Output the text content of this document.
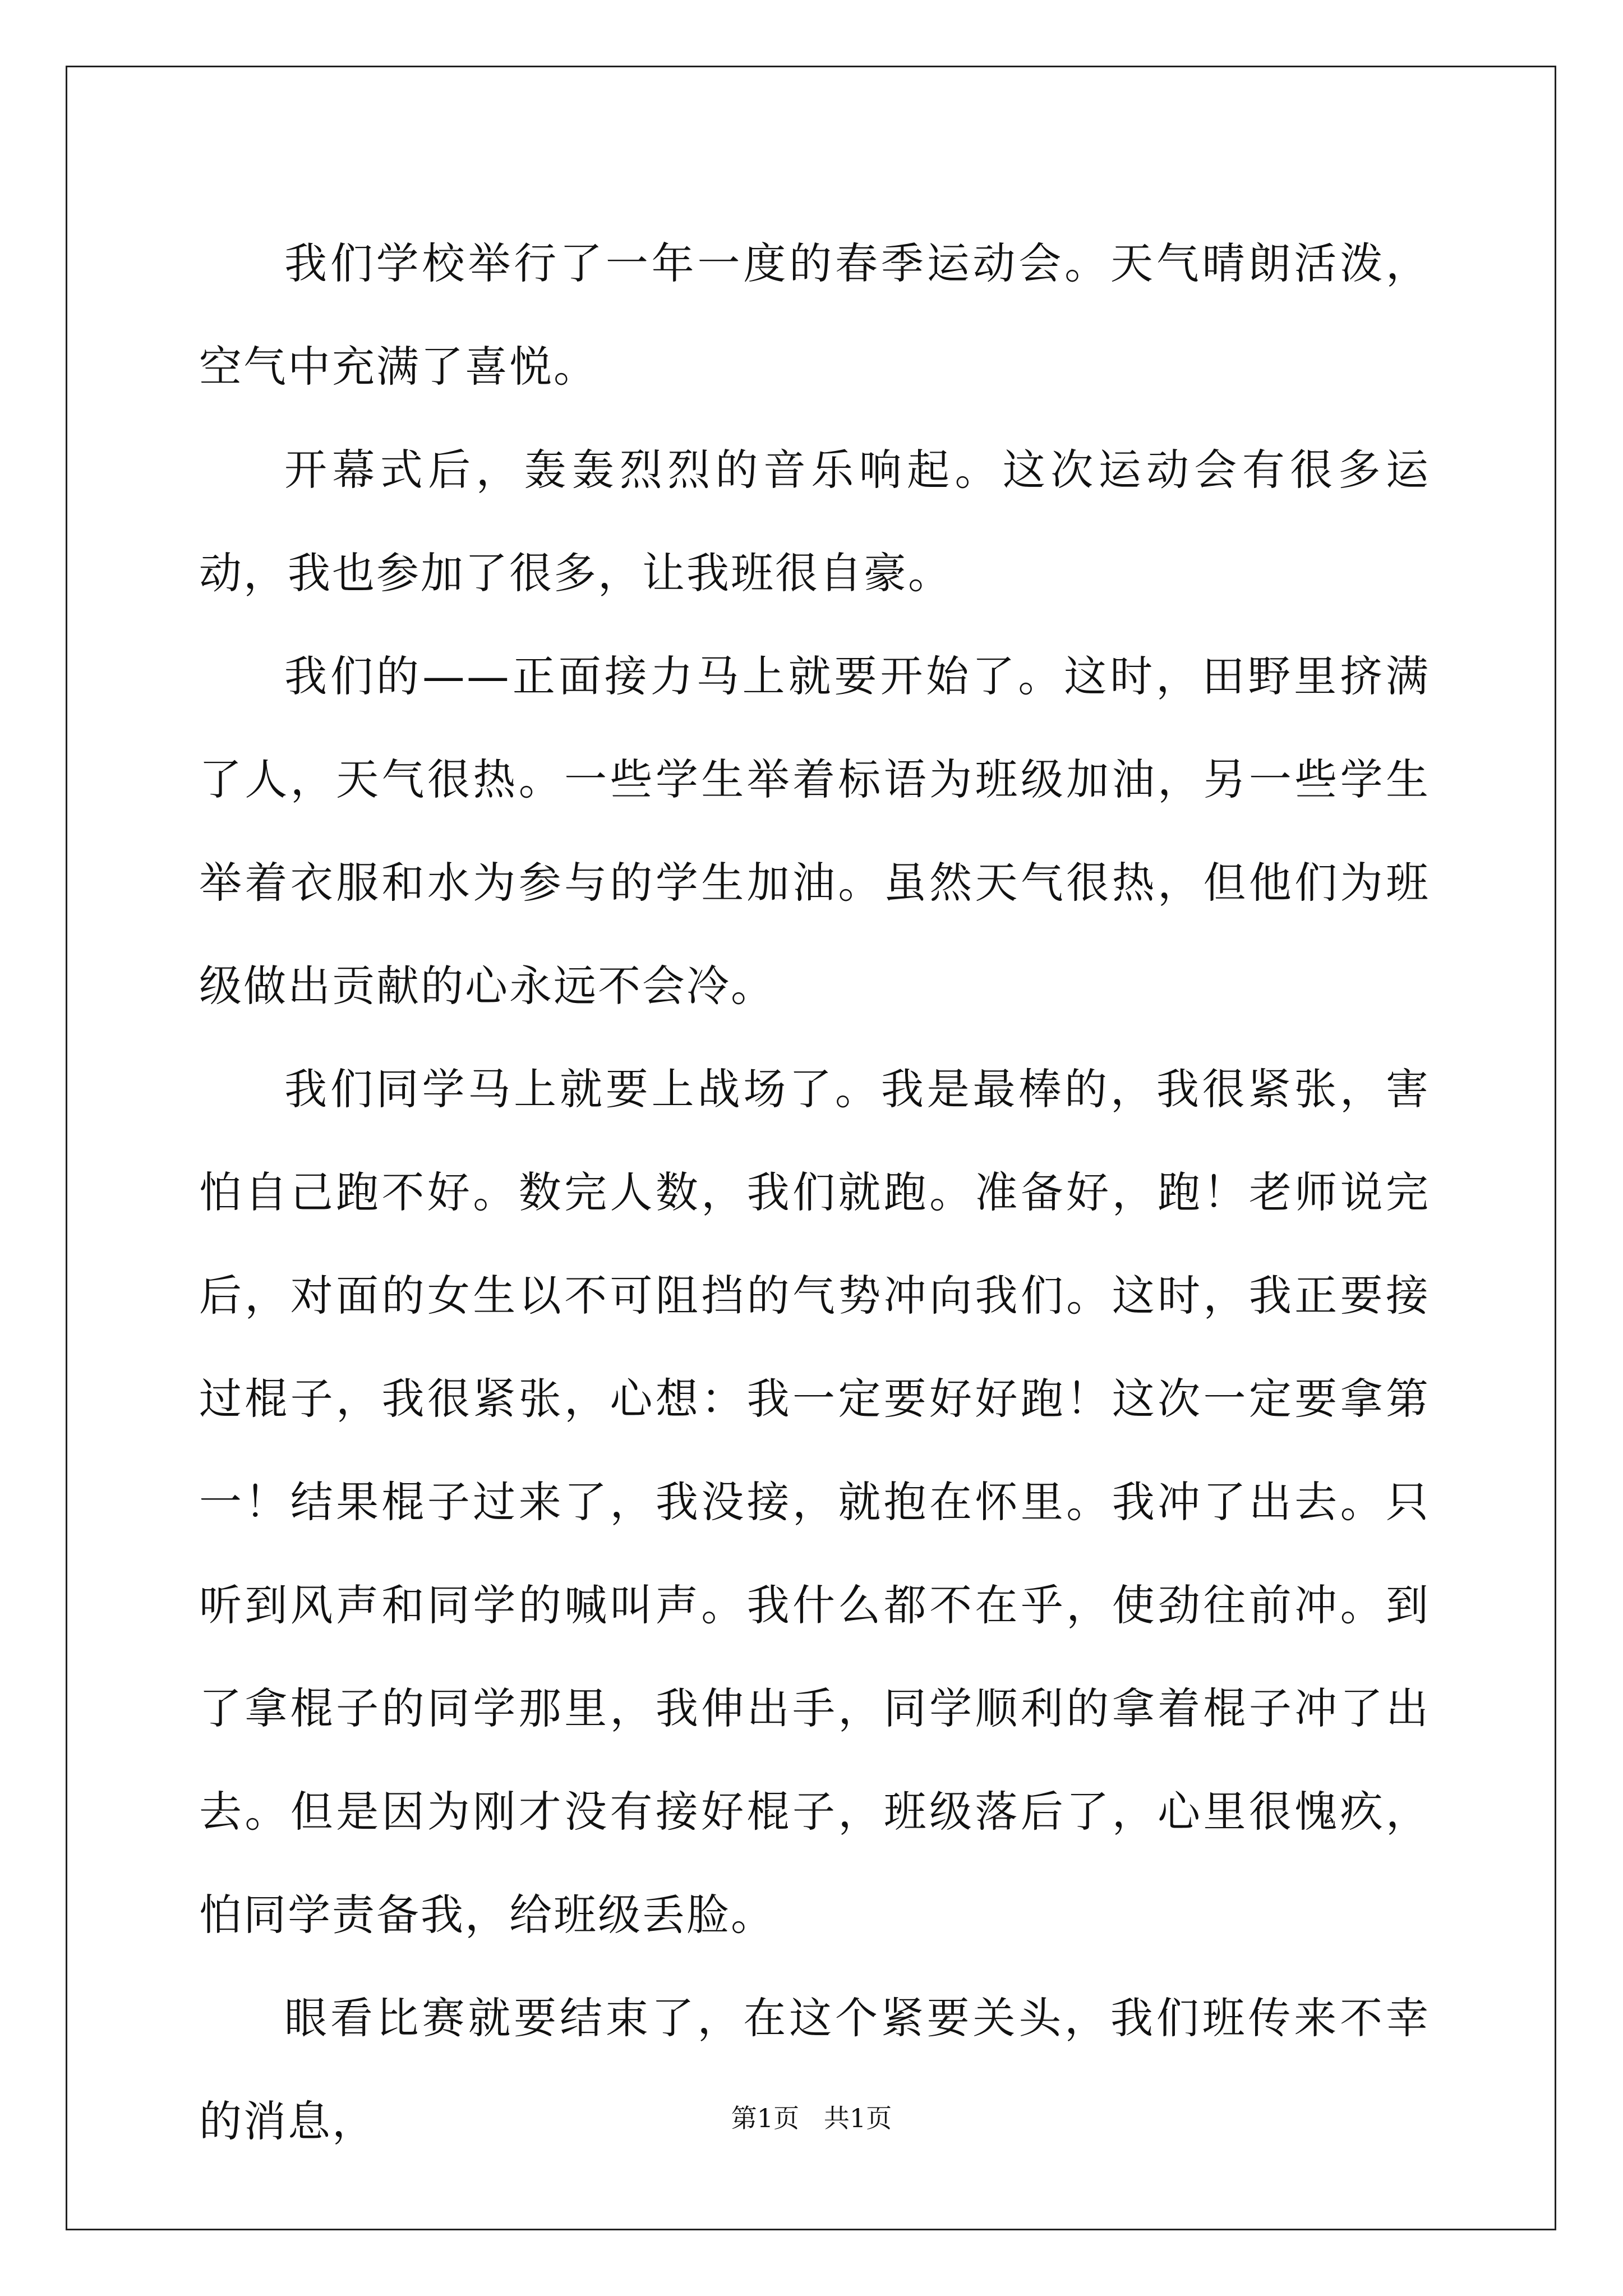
我们学校举行了一年一度的春季运动会。天气晴朗活泼，空气中充满了喜悦。

开幕式后，轰轰烈烈的音乐响起。这次运动会有很多运动，我也参加了很多，让我班很自豪。

我们的——正面接力马上就要开始了。这时，田野里挤满了人，天气很热。一些学生举着标语为班级加油，另一些学生举着衣服和水为参与的学生加油。虽然天气很热，但他们为班级做出贡献的心永远不会冷。

我们同学马上就要上战场了。我是最棒的，我很紧张，害怕自己跑不好。数完人数，我们就跑。准备好，跑！老师说完后，对面的女生以不可阻挡的气势冲向我们。这时，我正要接过棍子，我很紧张，心想：我一定要好好跑！这次一定要拿第一！结果棍子过来了，我没接，就抱在怀里。我冲了出去。只听到风声和同学的喊叫声。我什么都不在乎，使劲往前冲。到了拿棍子的同学那里，我伸出手，同学顺利的拿着棍子冲了出去。但是因为刚才没有接好棍子，班级落后了，心里很愧疚，怕同学责备我，给班级丢脸。

眼看比赛就要结束了，在这个紧要关头，我们班传来不幸的消息，	第1页   共1页
